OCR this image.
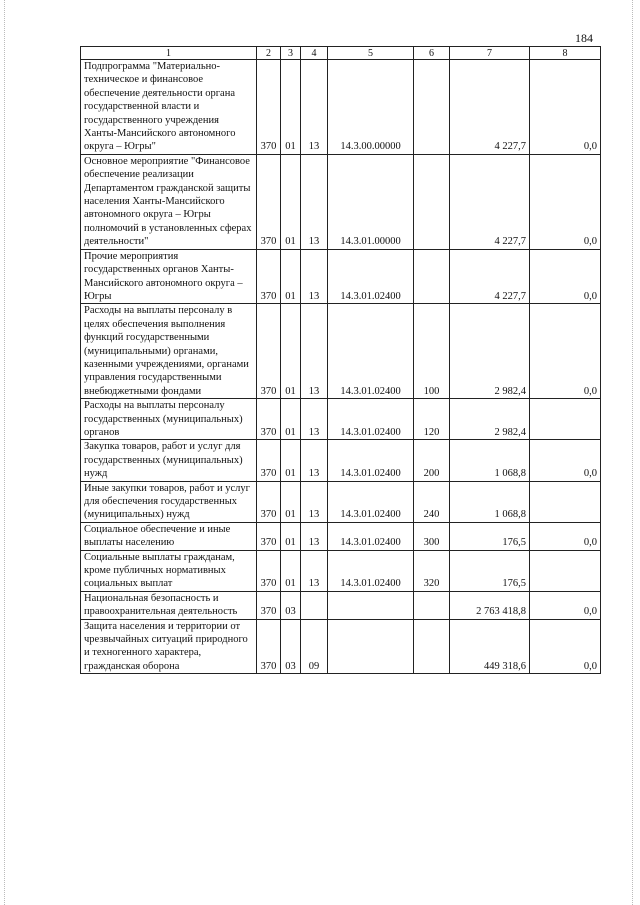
184
1	2	3	4	5	6	7	8
Подпрограмма "Материально-техническое и финансовое обеспечение деятельности органа государственной власти и государственного учреждения Ханты-Мансийского автономного округа – Югры"	370	01	13	14.3.00.00000		4 227,7	0,0
Основное мероприятие "Финансовое обеспечение реализации Департаментом гражданской защиты населения Ханты-Мансийского автономного округа – Югры полномочий в установленных сферах деятельности"	370	01	13	14.3.01.00000		4 227,7	0,0
Прочие мероприятия государственных органов Ханты-Мансийского автономного округа – Югры	370	01	13	14.3.01.02400		4 227,7	0,0
Расходы на выплаты персоналу в целях обеспечения выполнения функций государственными (муниципальными) органами, казенными учреждениями, органами управления государственными внебюджетными фондами	370	01	13	14.3.01.02400	100	2 982,4	0,0
Расходы на выплаты персоналу государственных (муниципальных) органов	370	01	13	14.3.01.02400	120	2 982,4	
Закупка товаров, работ и услуг для государственных (муниципальных) нужд	370	01	13	14.3.01.02400	200	1 068,8	0,0
Иные закупки товаров, работ и услуг для обеспечения государственных (муниципальных) нужд	370	01	13	14.3.01.02400	240	1 068,8	
Социальное обеспечение и иные выплаты населению	370	01	13	14.3.01.02400	300	176,5	0,0
Социальные выплаты гражданам, кроме публичных нормативных социальных выплат	370	01	13	14.3.01.02400	320	176,5	
Национальная безопасность и правоохранительная деятельность	370	03				2 763 418,8	0,0
Защита населения и территории от чрезвычайных ситуаций природного и техногенного характера, гражданская оборона	370	03	09			449 318,6	0,0
